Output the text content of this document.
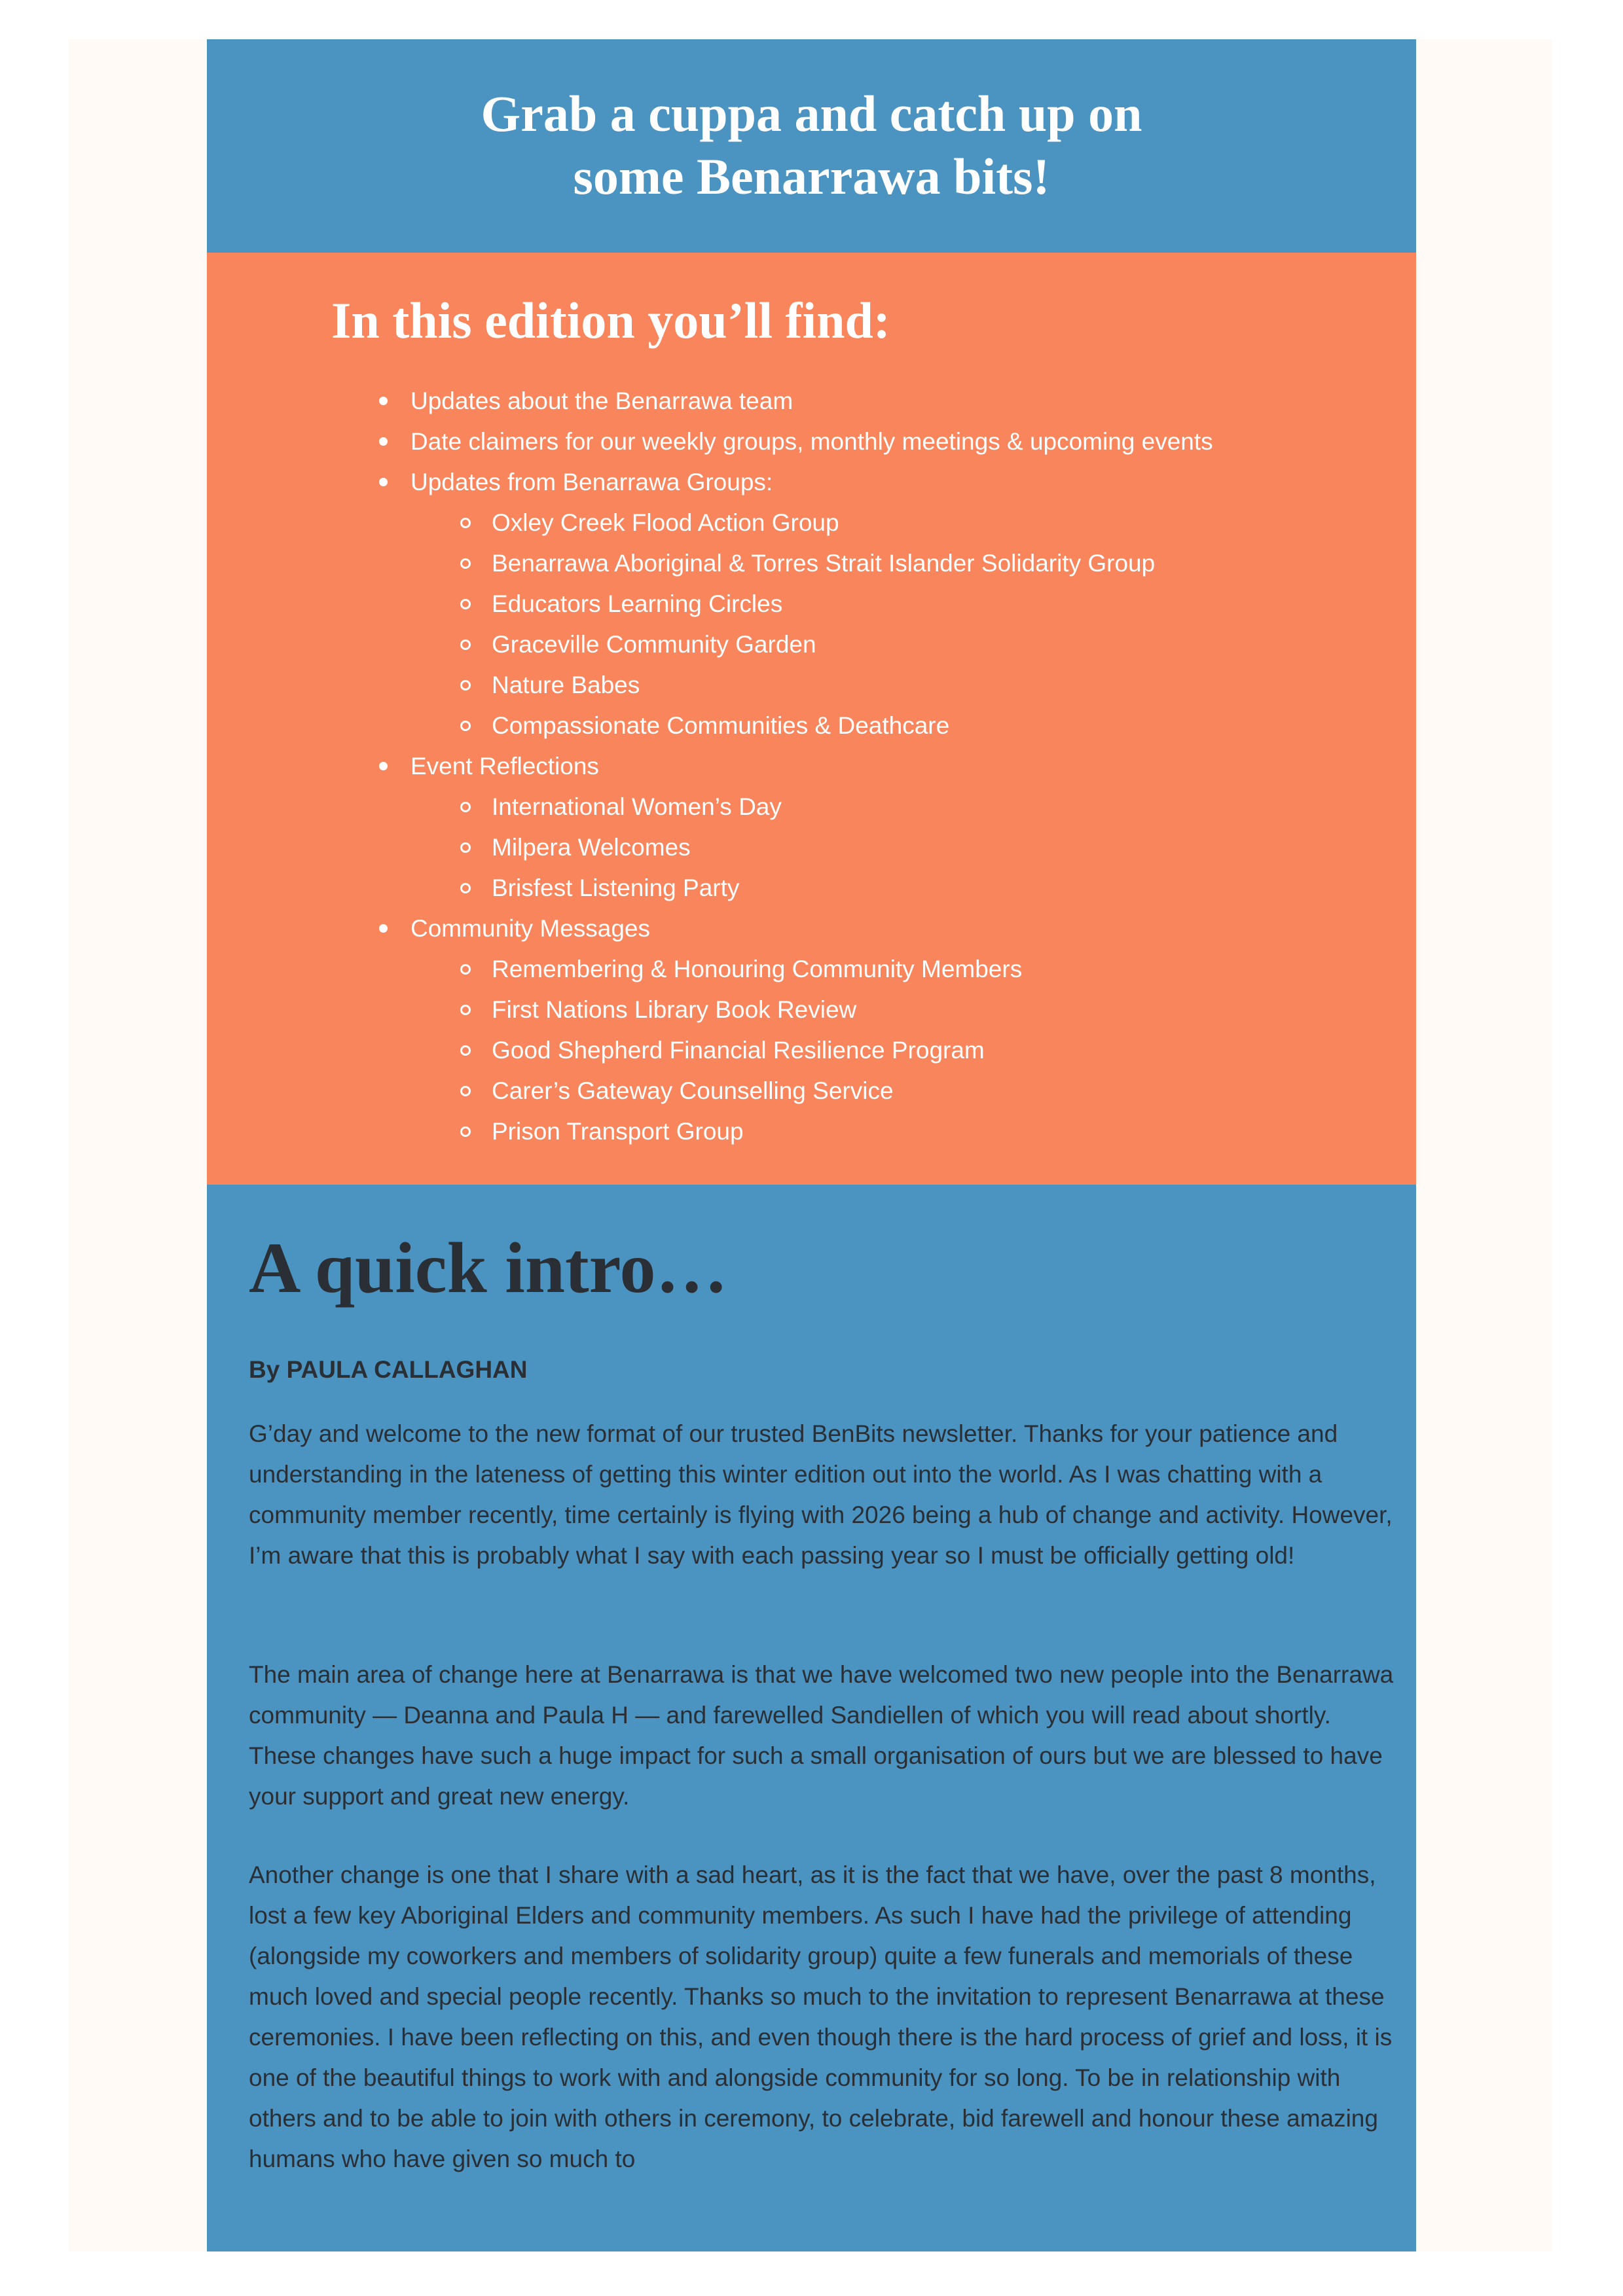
Grab a cuppa and catch up on
some Benarrawa bits!
In this edition you’ll find:
Updates about the Benarrawa team
Date claimers for our weekly groups, monthly meetings & upcoming events
Updates from Benarrawa Groups:
Oxley Creek Flood Action Group
Benarrawa Aboriginal & Torres Strait Islander Solidarity Group
Educators Learning Circles
Graceville Community Garden
Nature Babes
Compassionate Communities & Deathcare
Event Reflections
International Women’s Day
Milpera Welcomes
Brisfest Listening Party
Community Messages
Remembering & Honouring Community Members
First Nations Library Book Review
Good Shepherd Financial Resilience Program
Carer’s Gateway Counselling Service
Prison Transport Group
A quick intro…

By PAULA CALLAGHAN

G’day and welcome to the new format of our trusted BenBits newsletter. Thanks for your patience and understanding in the lateness of getting this winter edition out into the world. As I was chatting with a community member recently, time certainly is flying with 2026 being a hub of change and activity. However, I’m aware that this is probably what I say with each passing year so I must be officially getting old!

The main area of change here at Benarrawa is that we have welcomed two new people into the Benarrawa community — Deanna and Paula H — and farewelled Sandiellen of which you will read about shortly. These changes have such a huge impact for such a small organisation of ours but we are blessed to have your support and great new energy.

Another change is one that I share with a sad heart, as it is the fact that we have, over the past 8 months, lost a few key Aboriginal Elders and community members. As such I have had the privilege of attending (alongside my coworkers and members of solidarity group) quite a few funerals and memorials of these much loved and special people recently. Thanks so much to the invitation to represent Benarrawa at these ceremonies. I have been reflecting on this, and even though there is the hard process of grief and loss, it is one of the beautiful things to work with and alongside community for so long. To be in relationship with others and to be able to join with others in ceremony, to celebrate, bid farewell and honour these amazing humans who have given so much to
